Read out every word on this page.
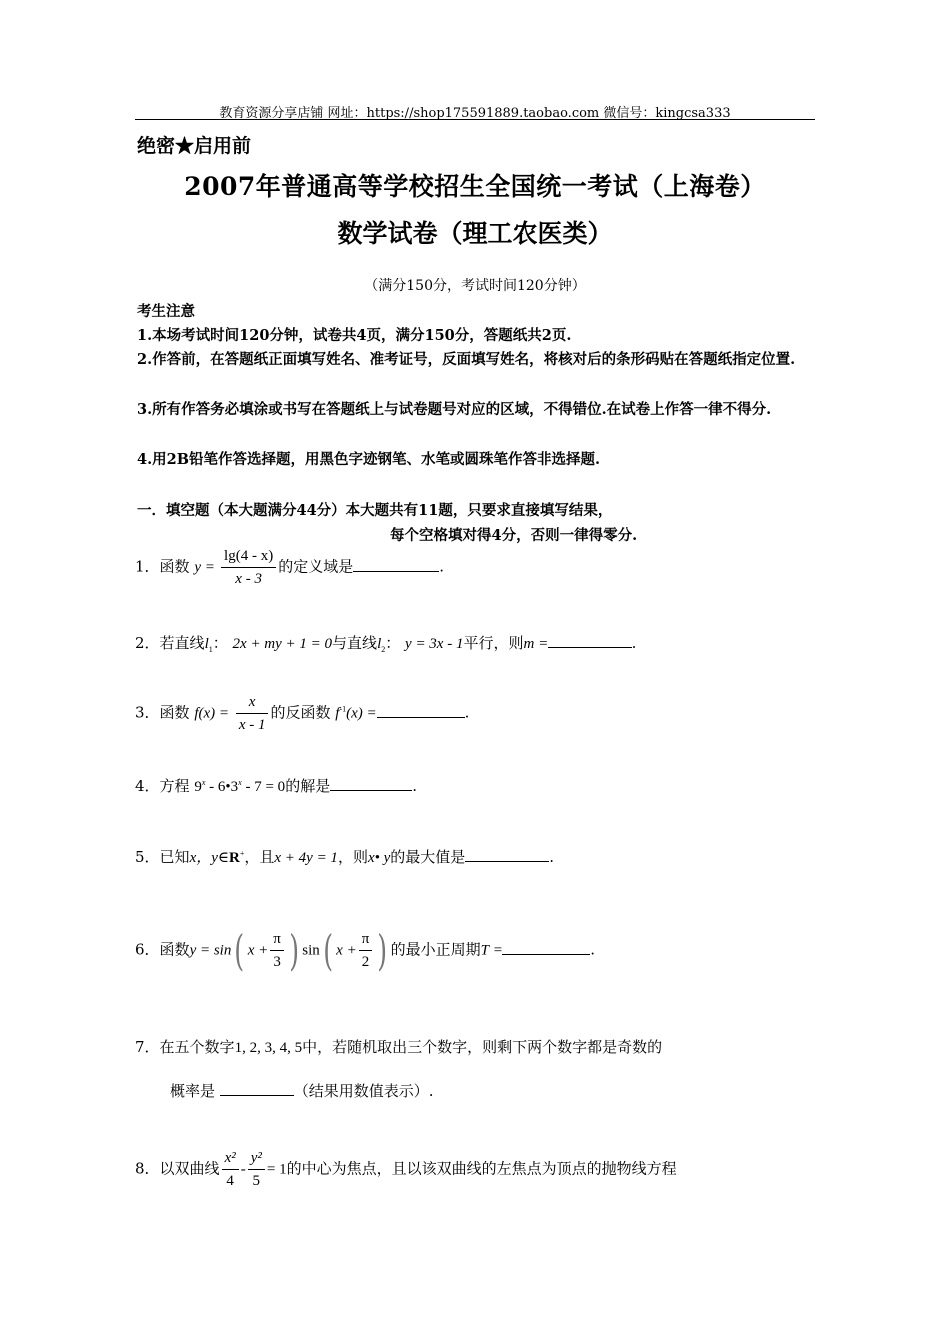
教育资源分享店铺 网址：https://shop175591889.taobao.com 微信号：kingcsa333
绝密★启用前
2007年普通高等学校招生全国统一考试（上海卷）
数学试卷（理工农医类）
（满分150分，考试时间120分钟）
考生注意
1.本场考试时间120分钟，试卷共4页，满分150分，答题纸共2页.
2.作答前，在答题纸正面填写姓名、准考证号，反面填写姓名，将核对后的条形码贴在答题纸指定位置.
3.所有作答务必填涂或书写在答题纸上与试卷题号对应的区域，不得错位.在试卷上作答一律不得分.
4.用2B铅笔作答选择题，用黑色字迹钢笔、水笔或圆珠笔作答非选择题.
一．填空题（本大题满分44分）本大题共有11题，只要求直接填写结果，
每个空格填对得4分，否则一律得零分.
1．函数 $y = \frac{\lg(4 - x)}{x - 3}$ 的定义域是	.
2．若直线$l_1$： 2x + my + 1 = 0与直线$l_2$： y = 3x - 1平行，则m =	.
3．函数 $f(x) = \frac{x}{x - 1}$ 的反函数 $f^{-1}(x)$ =	.
4．方程 9$^x$ - 6•3$^x$ - 7 = 0的解是	.
5．已知x，y∈R+，且x + 4y = 1，则x• y的最大值是	.
6．函数y = sin( $x + \frac{\pi}{3}$ ) sin( $x + \frac{\pi}{2}$ ) 的最小正周期T =	.
7．在五个数字1, 2, 3, 4, 5中，若随机取出三个数字，则剩下两个数字都是奇数的
概率是	（结果用数值表示）.
8．以双曲线 $\frac{\text{x²}}{4} - \frac{\text{y²}}{5} = 1$的中心为焦点，且以该双曲线的左焦点为顶点的抛物线方程
